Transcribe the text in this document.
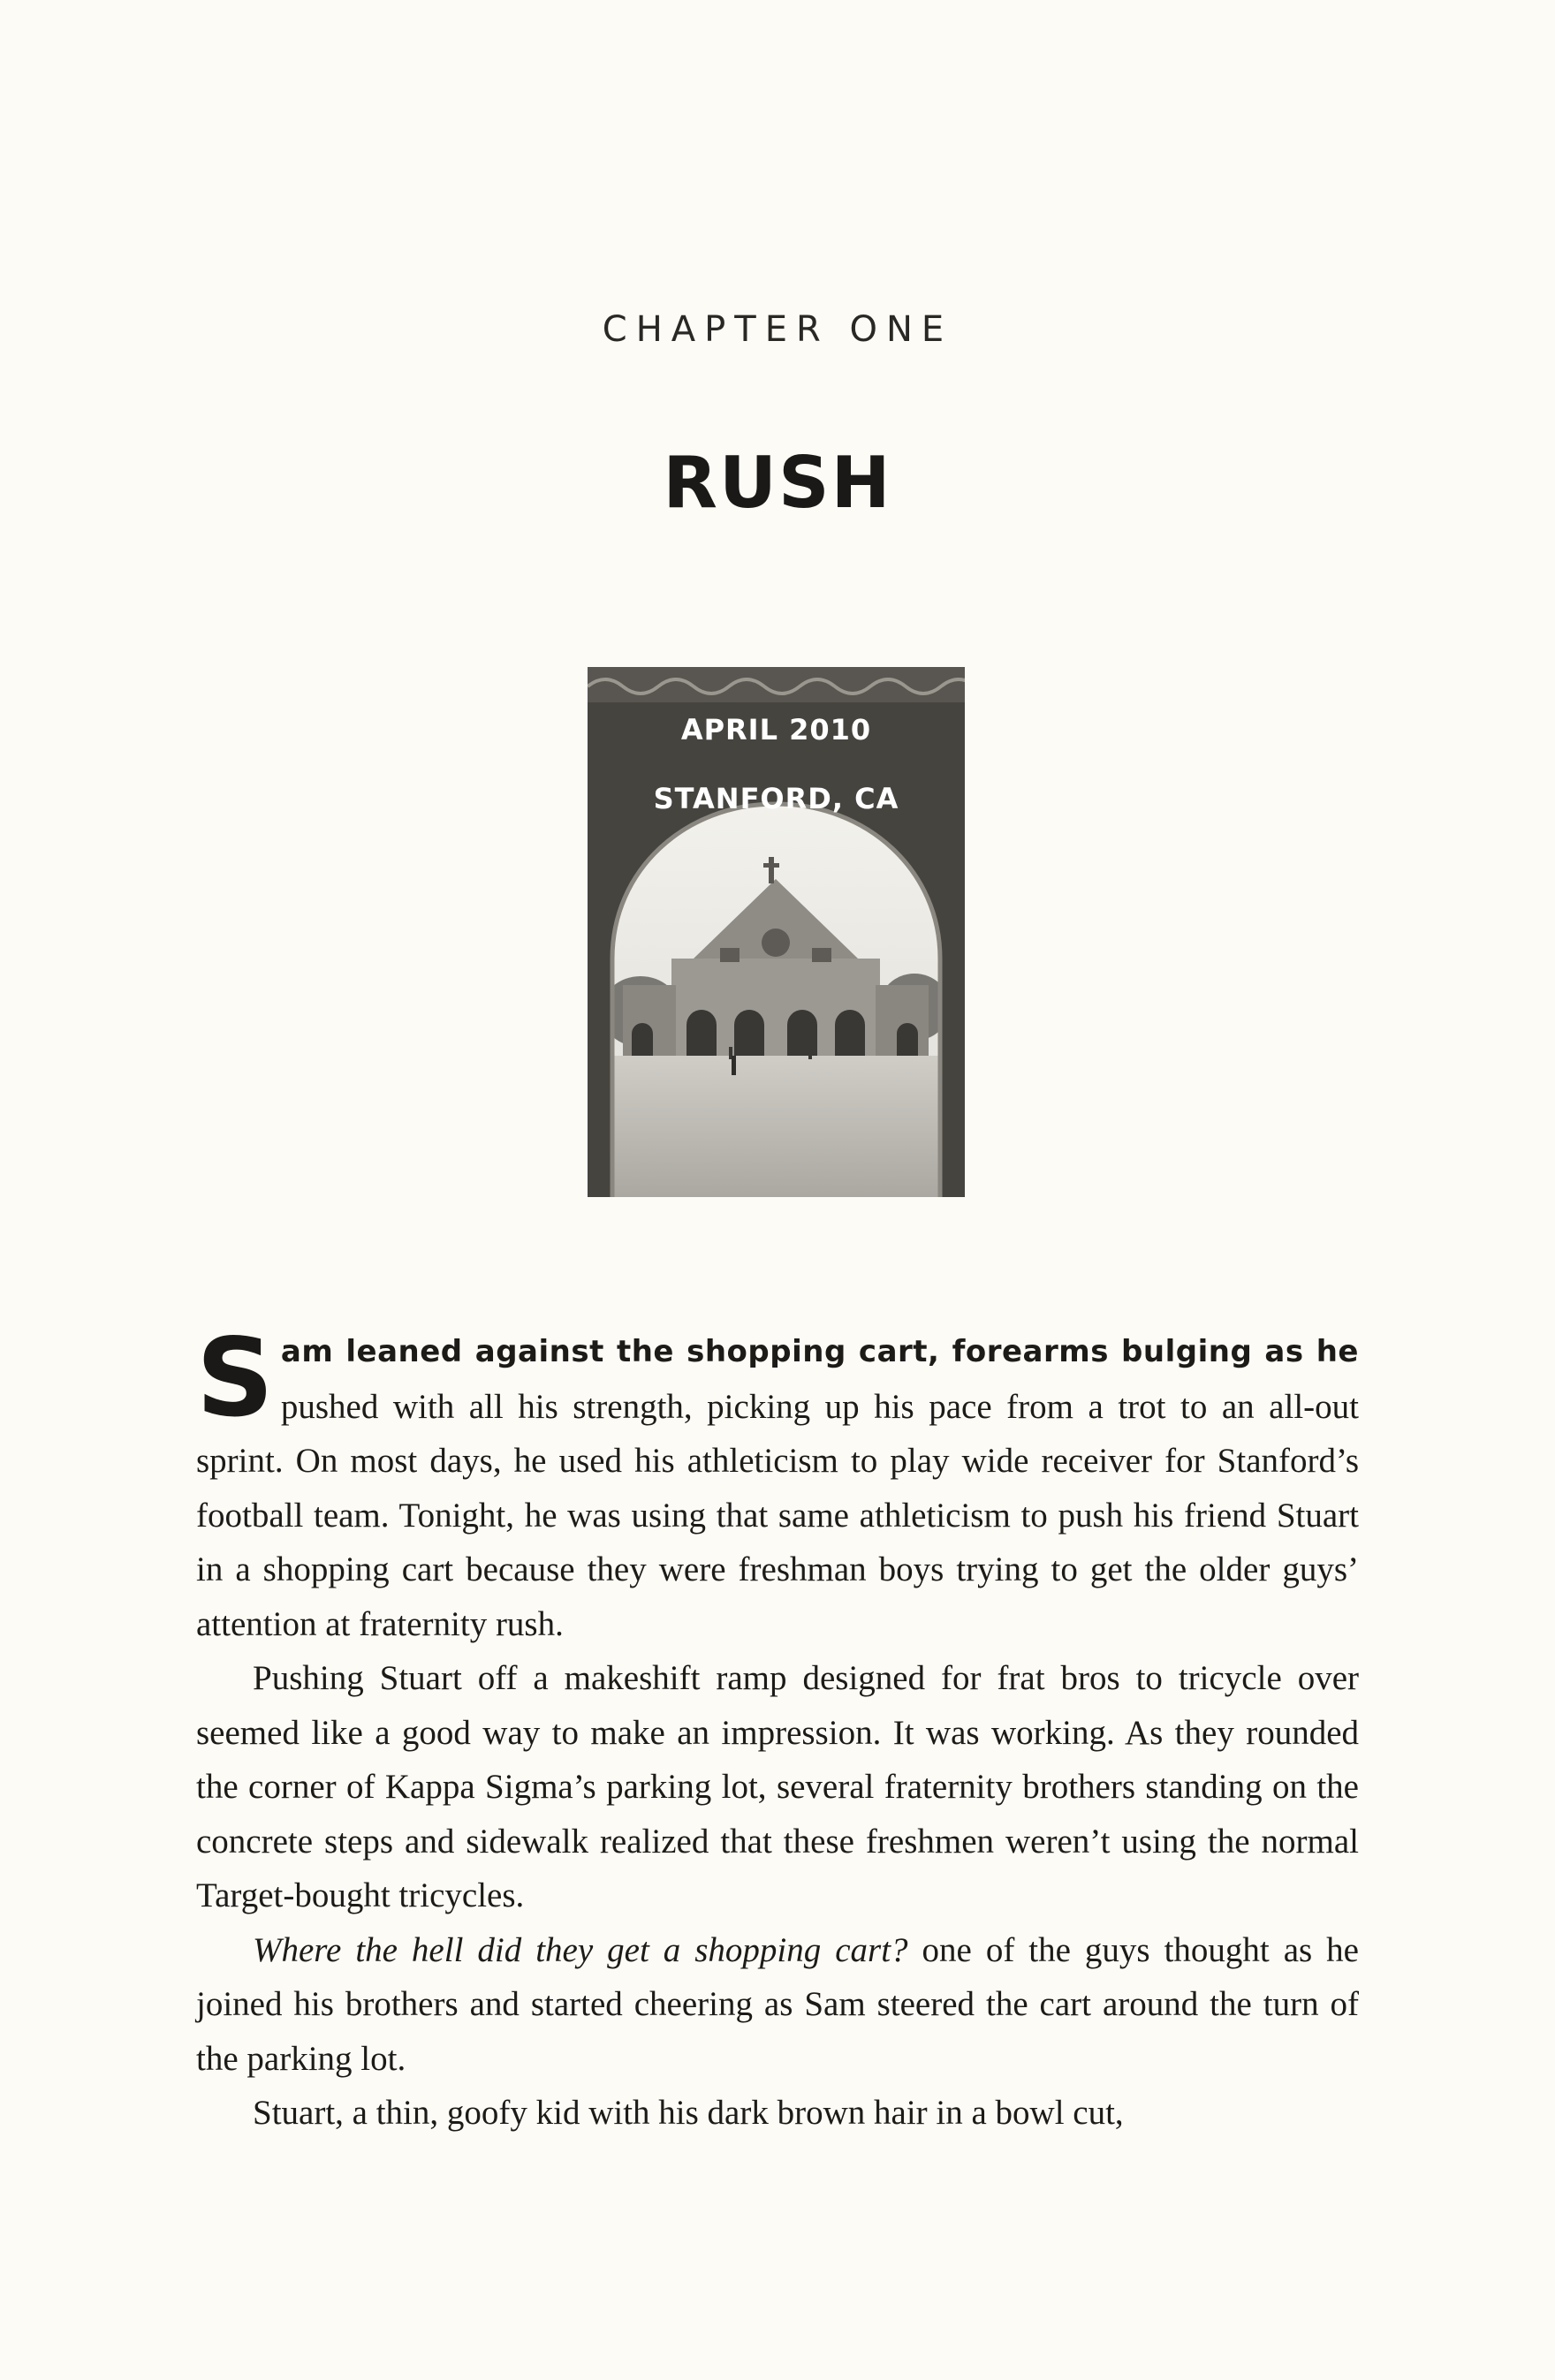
CHAPTER ONE
RUSH
APRIL 2010
STANFORD, CA

Sam leaned against the shopping cart, forearms bulging as he pushed with all his strength, picking up his pace from a trot to an all-out sprint. On most days, he used his athleticism to play wide receiver for Stanford’s football team. Tonight, he was using that same athleticism to push his friend Stuart in a shopping cart because they were freshman boys trying to get the older guys’ attention at fraternity rush.

Pushing Stuart off a makeshift ramp designed for frat bros to tricycle over seemed like a good way to make an impression. It was working. As they rounded the corner of Kappa Sigma’s parking lot, several fraternity brothers standing on the concrete steps and sidewalk realized that these freshmen weren’t using the normal Target-bought tricycles.

Where the hell did they get a shopping cart? one of the guys thought as he joined his brothers and started cheering as Sam steered the cart around the turn of the parking lot.

Stuart, a thin, goofy kid with his dark brown hair in a bowl cut,
